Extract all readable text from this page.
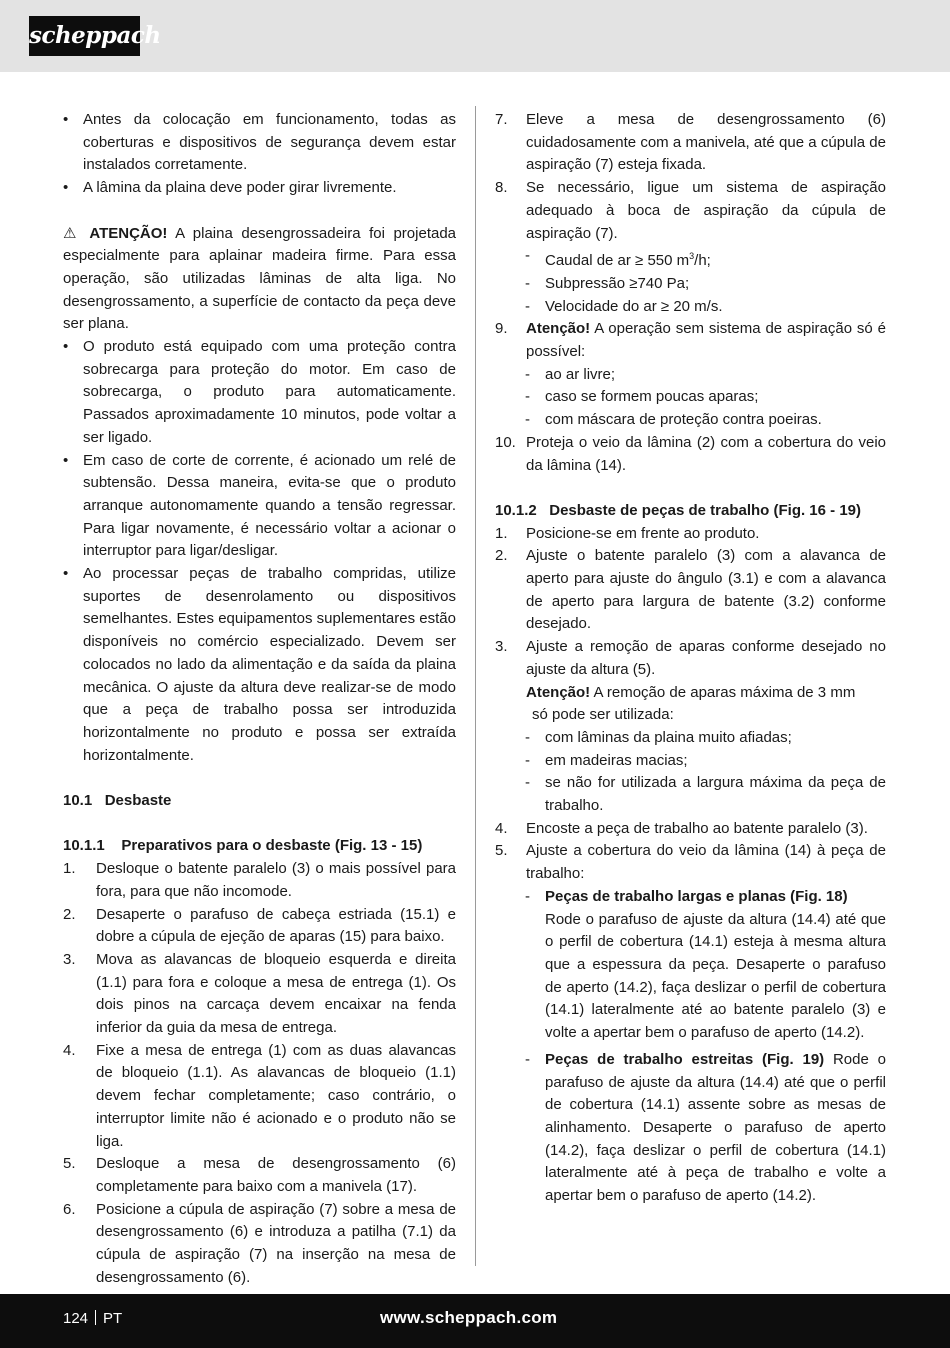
scheppach
• Antes da colocação em funcionamento, todas as coberturas e dispositivos de segurança devem estar instalados corretamente.
• A lâmina da plaina deve poder girar livremente.

⚠ ATENÇÃO! A plaina desengrossadeira foi projetada especialmente para aplainar madeira firme. Para essa operação, são utilizadas lâminas de alta liga. No desengrossamento, a superfície de contacto da peça deve ser plana.

• O produto está equipado com uma proteção contra sobrecarga para proteção do motor. Em caso de sobrecarga, o produto para automaticamente. Passados aproximadamente 10 minutos, pode voltar a ser ligado.
• Em caso de corte de corrente, é acionado um relé de subtensão. Dessa maneira, evita-se que o produto arranque autonomamente quando a tensão regressar. Para ligar novamente, é necessário voltar a acionar o interruptor para ligar/desligar.
• Ao processar peças de trabalho compridas, utilize suportes de desenrolamento ou dispositivos semelhantes. Estes equipamentos suplementares estão disponíveis no comércio especializado. Devem ser colocados no lado da alimentação e da saída da plaina mecânica. O ajuste da altura deve realizar-se de modo que a peça de trabalho possa ser introduzida horizontalmente no produto e possa ser extraída horizontalmente.

10.1   Desbaste

10.1.1 Preparativos para o desbaste (Fig. 13 - 15)

1. Desloque o batente paralelo (3) o mais possível para fora, para que não incomode.
2. Desaperte o parafuso de cabeça estriada (15.1) e dobre a cúpula de ejeção de aparas (15) para baixo.
3. Mova as alavancas de bloqueio esquerda e direita (1.1) para fora e coloque a mesa de entrega (1). Os dois pinos na carcaça devem encaixar na fenda inferior da guia da mesa de entrega.
4. Fixe a mesa de entrega (1) com as duas alavancas de bloqueio (1.1). As alavancas de bloqueio (1.1) devem fechar completamente; caso contrário, o interruptor limite não é acionado e o produto não se liga.
5. Desloque a mesa de desengrossamento (6) completamente para baixo com a manivela (17).
6. Posicione a cúpula de aspiração (7) sobre a mesa de desengrossamento (6) e introduza a patilha (7.1) da cúpula de aspiração (7) na inserção na mesa de desengrossamento (6).
7. Eleve a mesa de desengrossamento (6) cuidadosamente com a manivela, até que a cúpula de aspiração (7) esteja fixada.
8. Se necessário, ligue um sistema de aspiração adequado à boca de aspiração da cúpula de aspiração (7).
- Caudal de ar ≥ 550 $m^3/h$;
- Subpressão ≥740 Pa;
- Velocidade do ar ≥ 20 m/s.
9. Atenção! A operação sem sistema de aspiração só é possível:
- ao ar livre;
- caso se formem poucas aparas;
- com máscara de proteção contra poeiras.
10. Proteja o veio da lâmina (2) com a cobertura do veio da lâmina (14).

10.1.2 Desbaste de peças de trabalho (Fig. 16 - 19)

1. Posicione-se em frente ao produto.
2. Ajuste o batente paralelo (3) com a alavanca de aperto para ajuste do ângulo (3.1) e com a alavanca de aperto para largura de batente (3.2) conforme desejado.
3. Ajuste a remoção de aparas conforme desejado no ajuste da altura (5).

Atenção! A remoção de aparas máxima de 3 mm

só pode ser utilizada:

- com lâminas da plaina muito afiadas;
- em madeiras macias;
- se não for utilizada a largura máxima da peça de trabalho.
4. Encoste a peça de trabalho ao batente paralelo (3).
5. Ajuste a cobertura do veio da lâmina (14) à peça de trabalho:
- Peças de trabalho largas e planas (Fig. 18)
Rode o parafuso de ajuste da altura (14.4) até que o perfil de cobertura (14.1) esteja à mesma altura que a espessura da peça. Desaperte o parafuso de aperto (14.2), faça deslizar o perfil de cobertura (14.1) lateralmente até ao batente paralelo (3) e volte a apertar bem o parafuso de aperto (14.2).
- Peças de trabalho estreitas (Fig. 19) Rode o parafuso de ajuste da altura (14.4) até que o perfil de cobertura (14.1) assente sobre as mesas de alinhamento. Desaperte o parafuso de aperto (14.2), faça deslizar o perfil de cobertura (14.1) lateralmente até à peça de trabalho e volte a apertar bem o parafuso de aperto (14.2).
124 PT	www.scheppach.com
